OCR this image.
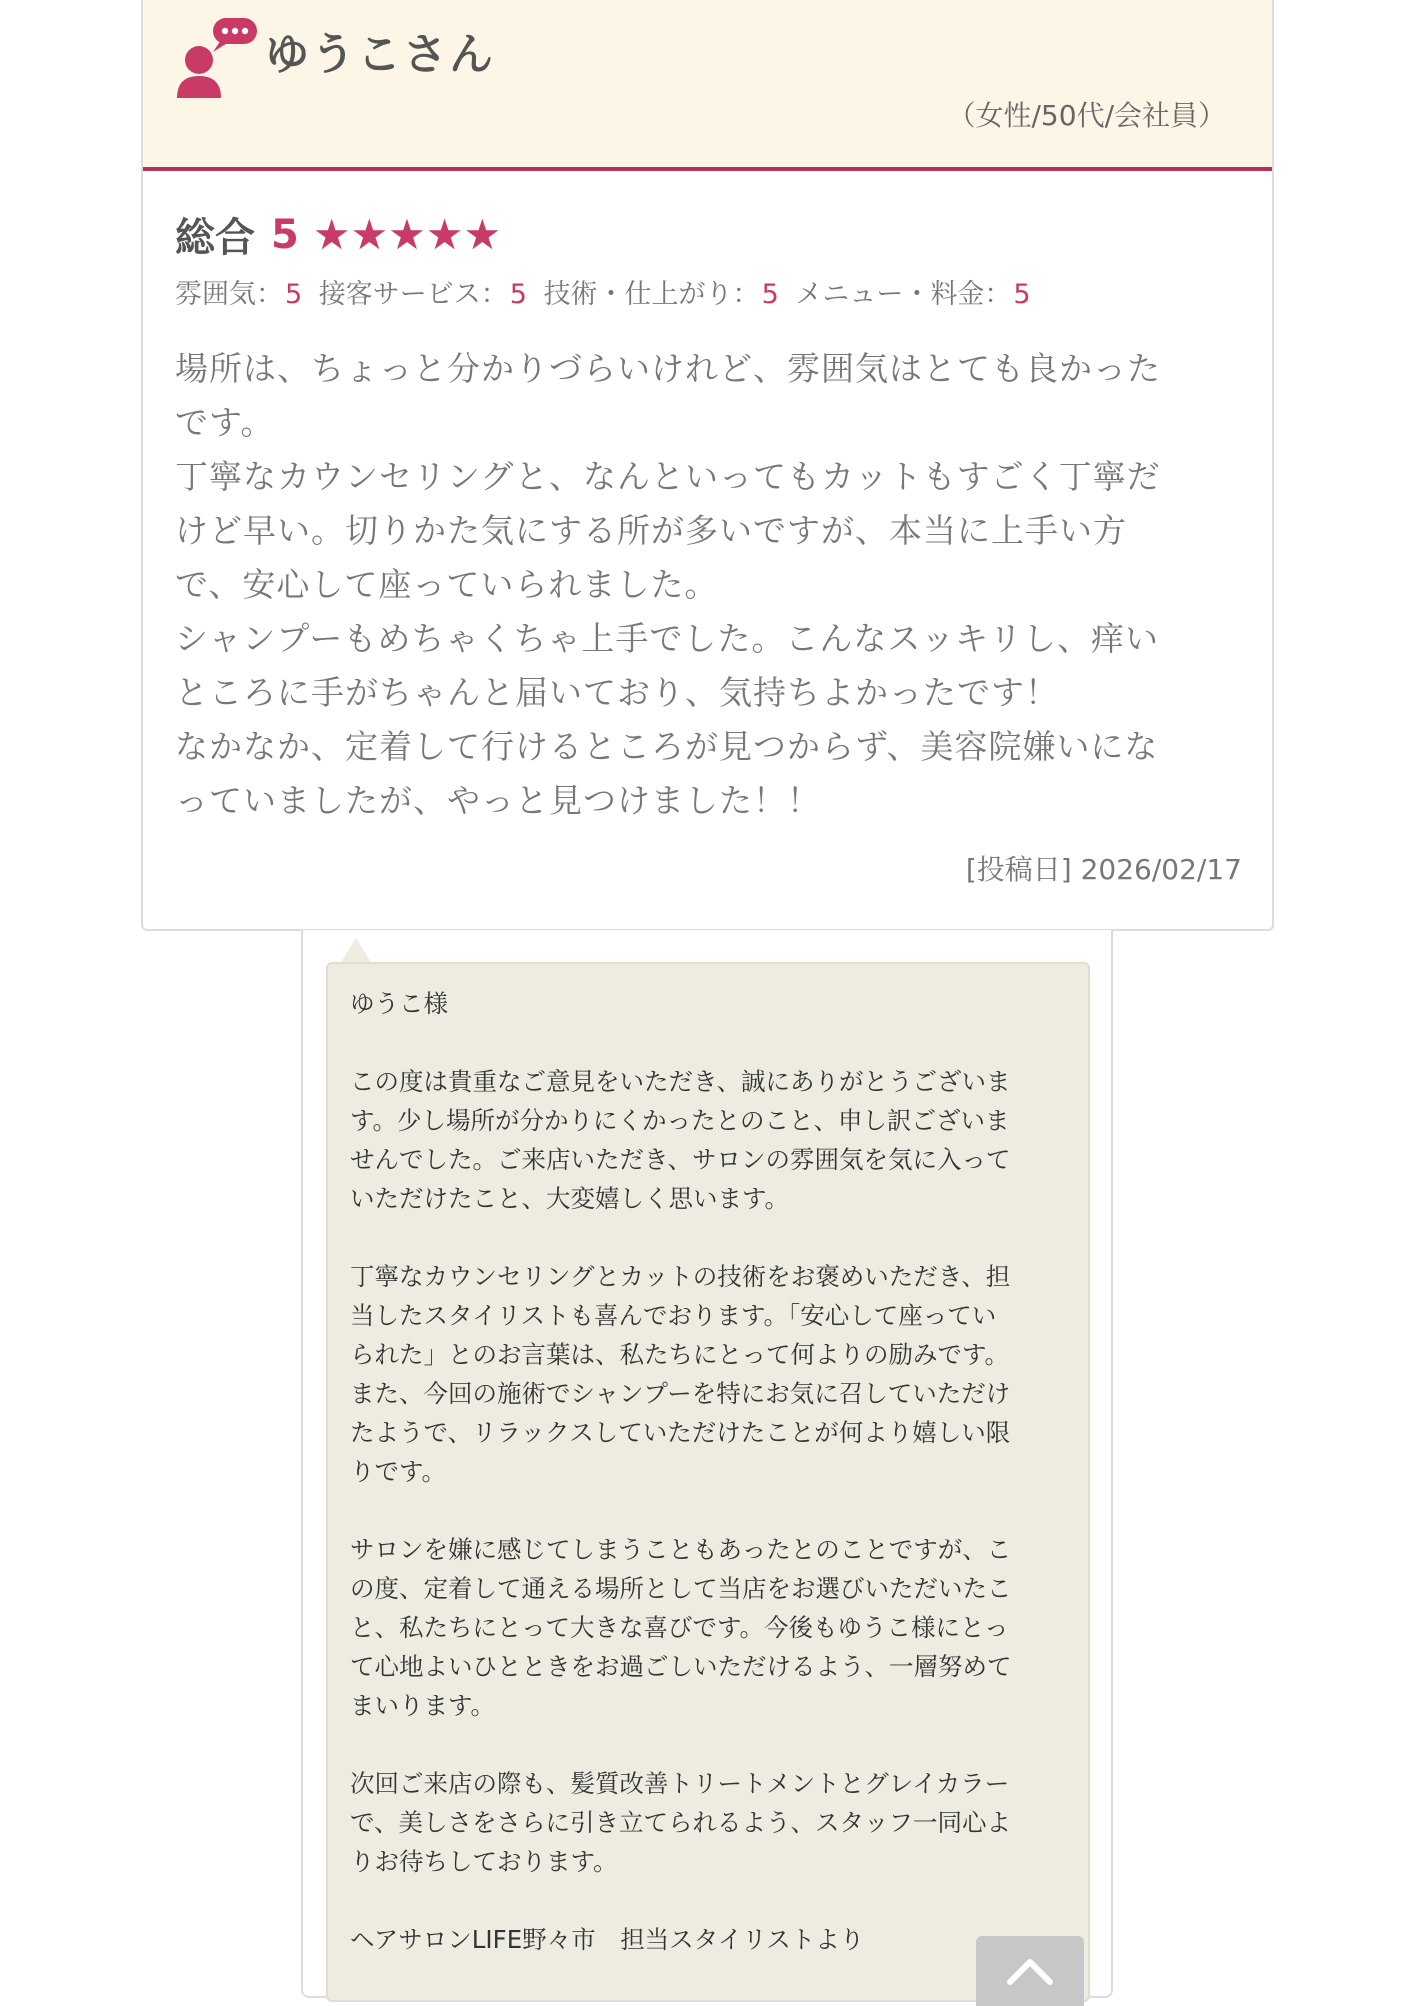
ゆうこさん
（女性/50代/会社員）
総合 5 ★★★★★
雰囲気：5 接客サービス：5 技術・仕上がり：5 メニュー・料金：5
場所は、ちょっと分かりづらいけれど、雰囲気はとても良かった
です。
丁寧なカウンセリングと、なんといってもカットもすごく丁寧だ
けど早い。切りかた気にする所が多いですが、本当に上手い方
で、安心して座っていられました。
シャンプーもめちゃくちゃ上手でした。こんなスッキリし、痒い
ところに手がちゃんと届いており、気持ちよかったです！
なかなか、定着して行けるところが見つからず、美容院嫌いにな
っていましたが、やっと見つけました！！
[投稿日] 2026/02/17
ゆうこ様

この度は貴重なご意見をいただき、誠にありがとうございま
す。少し場所が分かりにくかったとのこと、申し訳ございま
せんでした。ご来店いただき、サロンの雰囲気を気に入って
いただけたこと、大変嬉しく思います。

丁寧なカウンセリングとカットの技術をお褒めいただき、担
当したスタイリストも喜んでおります。「安心して座ってい
られた」とのお言葉は、私たちにとって何よりの励みです。
また、今回の施術でシャンプーを特にお気に召していただけ
たようで、リラックスしていただけたことが何より嬉しい限
りです。

サロンを嫌に感じてしまうこともあったとのことですが、こ
の度、定着して通える場所として当店をお選びいただいたこ
と、私たちにとって大きな喜びです。今後もゆうこ様にとっ
て心地よいひとときをお過ごしいただけるよう、一層努めて
まいります。

次回ご来店の際も、髪質改善トリートメントとグレイカラー
で、美しさをさらに引き立てられるよう、スタッフ一同心よ
りお待ちしております。

ヘアサロンLIFE野々市　担当スタイリストより
